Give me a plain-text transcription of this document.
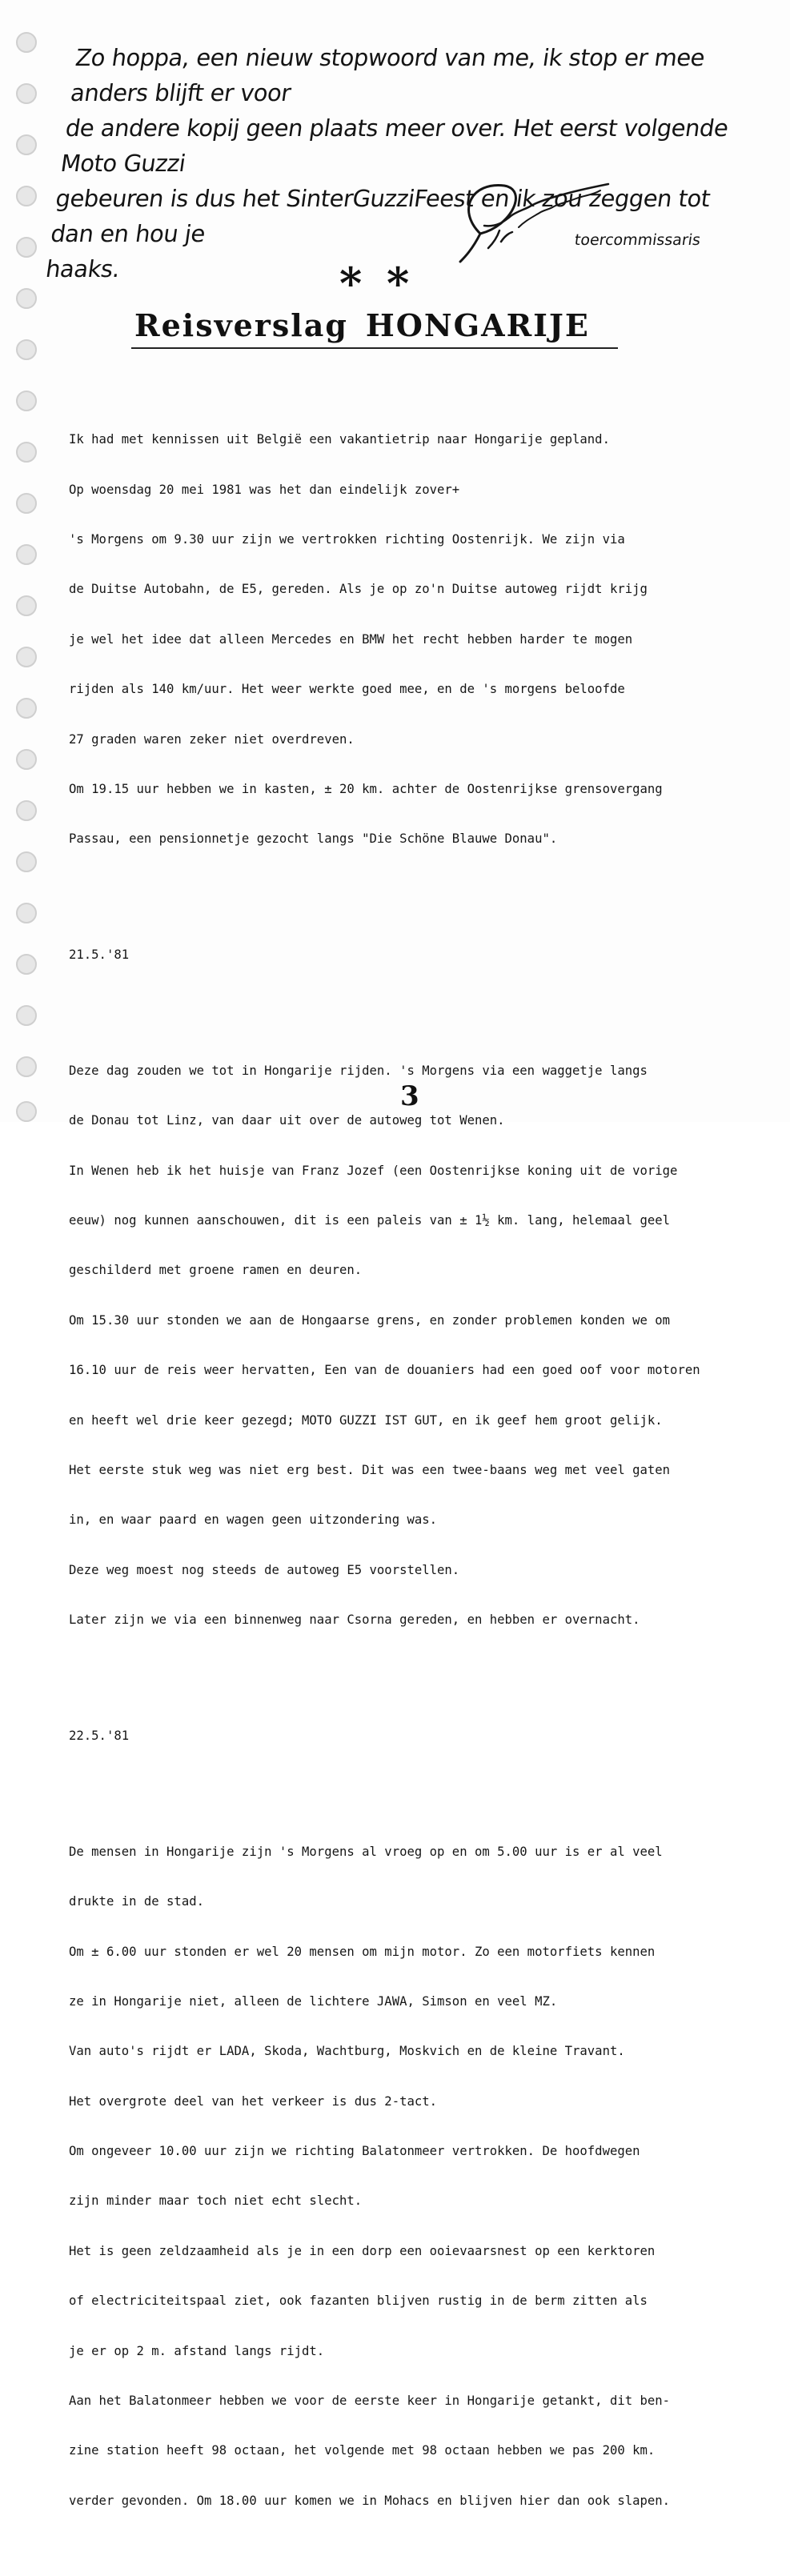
Zo hoppa, een nieuw stopwoord van me, ik stop er mee anders blijft er voor
de andere kopij geen plaats meer over. Het eerst volgende Moto Guzzi
gebeuren is dus het SinterGuzziFeest en ik zou zeggen tot dan en hou je
haaks.
toercommissaris
* *
Reisverslag HONGARIJE

Ik had met kennissen uit België een vakantietrip naar Hongarije gepland.

Op woensdag 20 mei 1981 was het dan eindelijk zover+

's Morgens om 9.30 uur zijn we vertrokken richting Oostenrijk. We zijn via

de Duitse Autobahn, de E5, gereden. Als je op zo'n Duitse autoweg rijdt krijg

je wel het idee dat alleen Mercedes en BMW het recht hebben harder te mogen

rijden als 140 km/uur. Het weer werkte goed mee, en de 's morgens beloofde

27 graden waren zeker niet overdreven.

Om 19.15 uur hebben we in kasten, ± 20 km. achter de Oostenrijkse grensovergang

Passau, een pensionnetje gezocht langs "Die Schöne Blauwe Donau".

21.5.'81

Deze dag zouden we tot in Hongarije rijden. 's Morgens via een waggetje langs

de Donau tot Linz, van daar uit over de autoweg tot Wenen.

In Wenen heb ik het huisje van Franz Jozef (een Oostenrijkse koning uit de vorige

eeuw) nog kunnen aanschouwen, dit is een paleis van ± 1½ km. lang, helemaal geel

geschilderd met groene ramen en deuren.

Om 15.30 uur stonden we aan de Hongaarse grens, en zonder problemen konden we om

16.10 uur de reis weer hervatten, Een van de douaniers had een goed oof voor motoren

en heeft wel drie keer gezegd; MOTO GUZZI IST GUT, en ik geef hem groot gelijk.

Het eerste stuk weg was niet erg best. Dit was een twee-baans weg met veel gaten

in, en waar paard en wagen geen uitzondering was.

Deze weg moest nog steeds de autoweg E5 voorstellen.

Later zijn we via een binnenweg naar Csorna gereden, en hebben er overnacht.

22.5.'81

De mensen in Hongarije zijn 's Morgens al vroeg op en om 5.00 uur is er al veel

drukte in de stad.

Om ± 6.00 uur stonden er wel 20 mensen om mijn motor. Zo een motorfiets kennen

ze in Hongarije niet, alleen de lichtere JAWA, Simson en veel MZ.

Van auto's rijdt er LADA, Skoda, Wachtburg, Moskvich en de kleine Travant.

Het overgrote deel van het verkeer is dus 2-tact.

Om ongeveer 10.00 uur zijn we richting Balatonmeer vertrokken. De hoofdwegen

zijn minder maar toch niet echt slecht.

Het is geen zeldzaamheid als je in een dorp een ooievaarsnest op een kerktoren

of electriciteitspaal ziet, ook fazanten blijven rustig in de berm zitten als

je er op 2 m. afstand langs rijdt.

Aan het Balatonmeer hebben we voor de eerste keer in Hongarije getankt, dit ben-

zine station heeft 98 octaan, het volgende met 98 octaan hebben we pas 200 km.

verder gevonden. Om 18.00 uur komen we in Mohacs en blijven hier dan ook slapen.

3
